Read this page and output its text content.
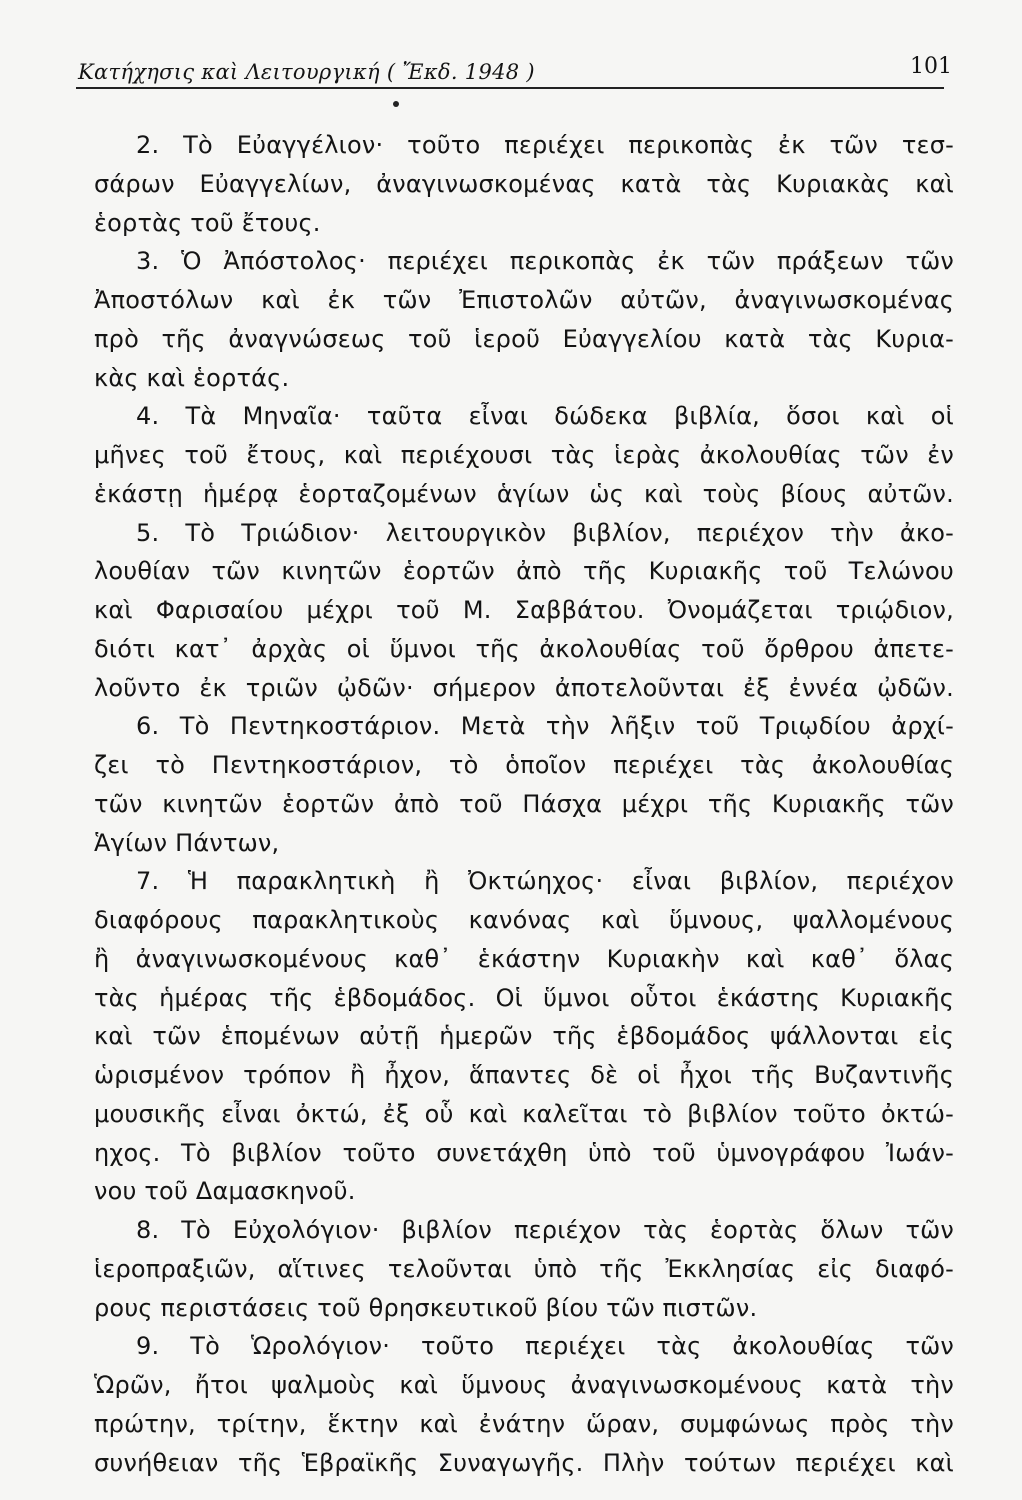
Κατήχησις καὶ Λειτουργική ( Ἔκδ. 1948 )	101
2. Τὸ Εὐαγγέλιον· τοῦτο περιέχει περικοπὰς ἐκ τῶν τεσ-
σάρων Εὐαγγελίων, ἀναγινωσκομένας κατὰ τὰς Κυριακὰς καὶ
ἑορτὰς τοῦ ἔτους.
3. Ὁ Ἀπόστολος· περιέχει περικοπὰς ἐκ τῶν πράξεων τῶν
Ἀποστόλων καὶ ἐκ τῶν Ἐπιστολῶν αὐτῶν, ἀναγινωσκομένας
πρὸ τῆς ἀναγνώσεως τοῦ ἱεροῦ Εὐαγγελίου κατὰ τὰς Κυρια-
κὰς καὶ ἑορτάς.
4. Τὰ Μηναῖα· ταῦτα εἶναι δώδεκα βιβλία, ὅσοι καὶ οἱ
μῆνες τοῦ ἔτους, καὶ περιέχουσι τὰς ἱερὰς ἀκολουθίας τῶν ἐν
ἑκάστῃ ἡμέρᾳ ἑορταζομένων ἁγίων ὡς καὶ τοὺς βίους αὐτῶν.
5. Τὸ Τριώδιον· λειτουργικὸν βιβλίον, περιέχον τὴν ἀκο-
λουθίαν τῶν κινητῶν ἑορτῶν ἀπὸ τῆς Κυριακῆς τοῦ Τελώνου
καὶ Φαρισαίου μέχρι τοῦ Μ. Σαββάτου. Ὀνομάζεται τριῴδιον,
διότι κατ᾽ ἀρχὰς οἱ ὕμνοι τῆς ἀκολουθίας τοῦ ὄρθρου ἀπετε-
λοῦντο ἐκ τριῶν ᾠδῶν· σήμερον ἀποτελοῦνται ἐξ ἐννέα ᾠδῶν.
6. Τὸ Πεντηκοστάριον. Μετὰ τὴν λῆξιν τοῦ Τριῳδίου ἀρχί-
ζει τὸ Πεντηκοστάριον, τὸ ὁποῖον περιέχει τὰς ἀκολουθίας
τῶν κινητῶν ἑορτῶν ἀπὸ τοῦ Πάσχα μέχρι τῆς Κυριακῆς τῶν
Ἁγίων Πάντων,
7. Ἡ παρακλητικὴ ἢ Ὀκτώηχος· εἶναι βιβλίον, περιέχον
διαφόρους παρακλητικοὺς κανόνας καὶ ὕμνους, ψαλλομένους
ἢ ἀναγινωσκομένους καθ᾽ ἑκάστην Κυριακὴν καὶ καθ᾽ ὅλας
τὰς ἡμέρας τῆς ἑβδομάδος. Οἱ ὕμνοι οὗτοι ἑκάστης Κυριακῆς
καὶ τῶν ἑπομένων αὐτῇ ἡμερῶν τῆς ἑβδομάδος ψάλλονται εἰς
ὡρισμένον τρόπον ἢ ἦχον, ἅπαντες δὲ οἱ ἦχοι τῆς Βυζαντινῆς
μουσικῆς εἶναι ὀκτώ, ἐξ οὗ καὶ καλεῖται τὸ βιβλίον τοῦτο ὀκτώ-
ηχος. Τὸ βιβλίον τοῦτο συνετάχθη ὑπὸ τοῦ ὑμνογράφου Ἰωάν-
νου τοῦ Δαμασκηνοῦ.
8. Τὸ Εὐχολόγιον· βιβλίον περιέχον τὰς ἑορτὰς ὅλων τῶν
ἱεροπραξιῶν, αἵτινες τελοῦνται ὑπὸ τῆς Ἐκκλησίας εἰς διαφό-
ρους περιστάσεις τοῦ θρησκευτικοῦ βίου τῶν πιστῶν.
9. Τὸ Ὡρολόγιον· τοῦτο περιέχει τὰς ἀκολουθίας τῶν
Ὡρῶν, ἤτοι ψαλμοὺς καὶ ὕμνους ἀναγινωσκομένους κατὰ τὴν
πρώτην, τρίτην, ἕκτην καὶ ἐνάτην ὥραν, συμφώνως πρὸς τὴν
συνήθειαν τῆς Ἑβραϊκῆς Συναγωγῆς. Πλὴν τούτων περιέχει καὶ
